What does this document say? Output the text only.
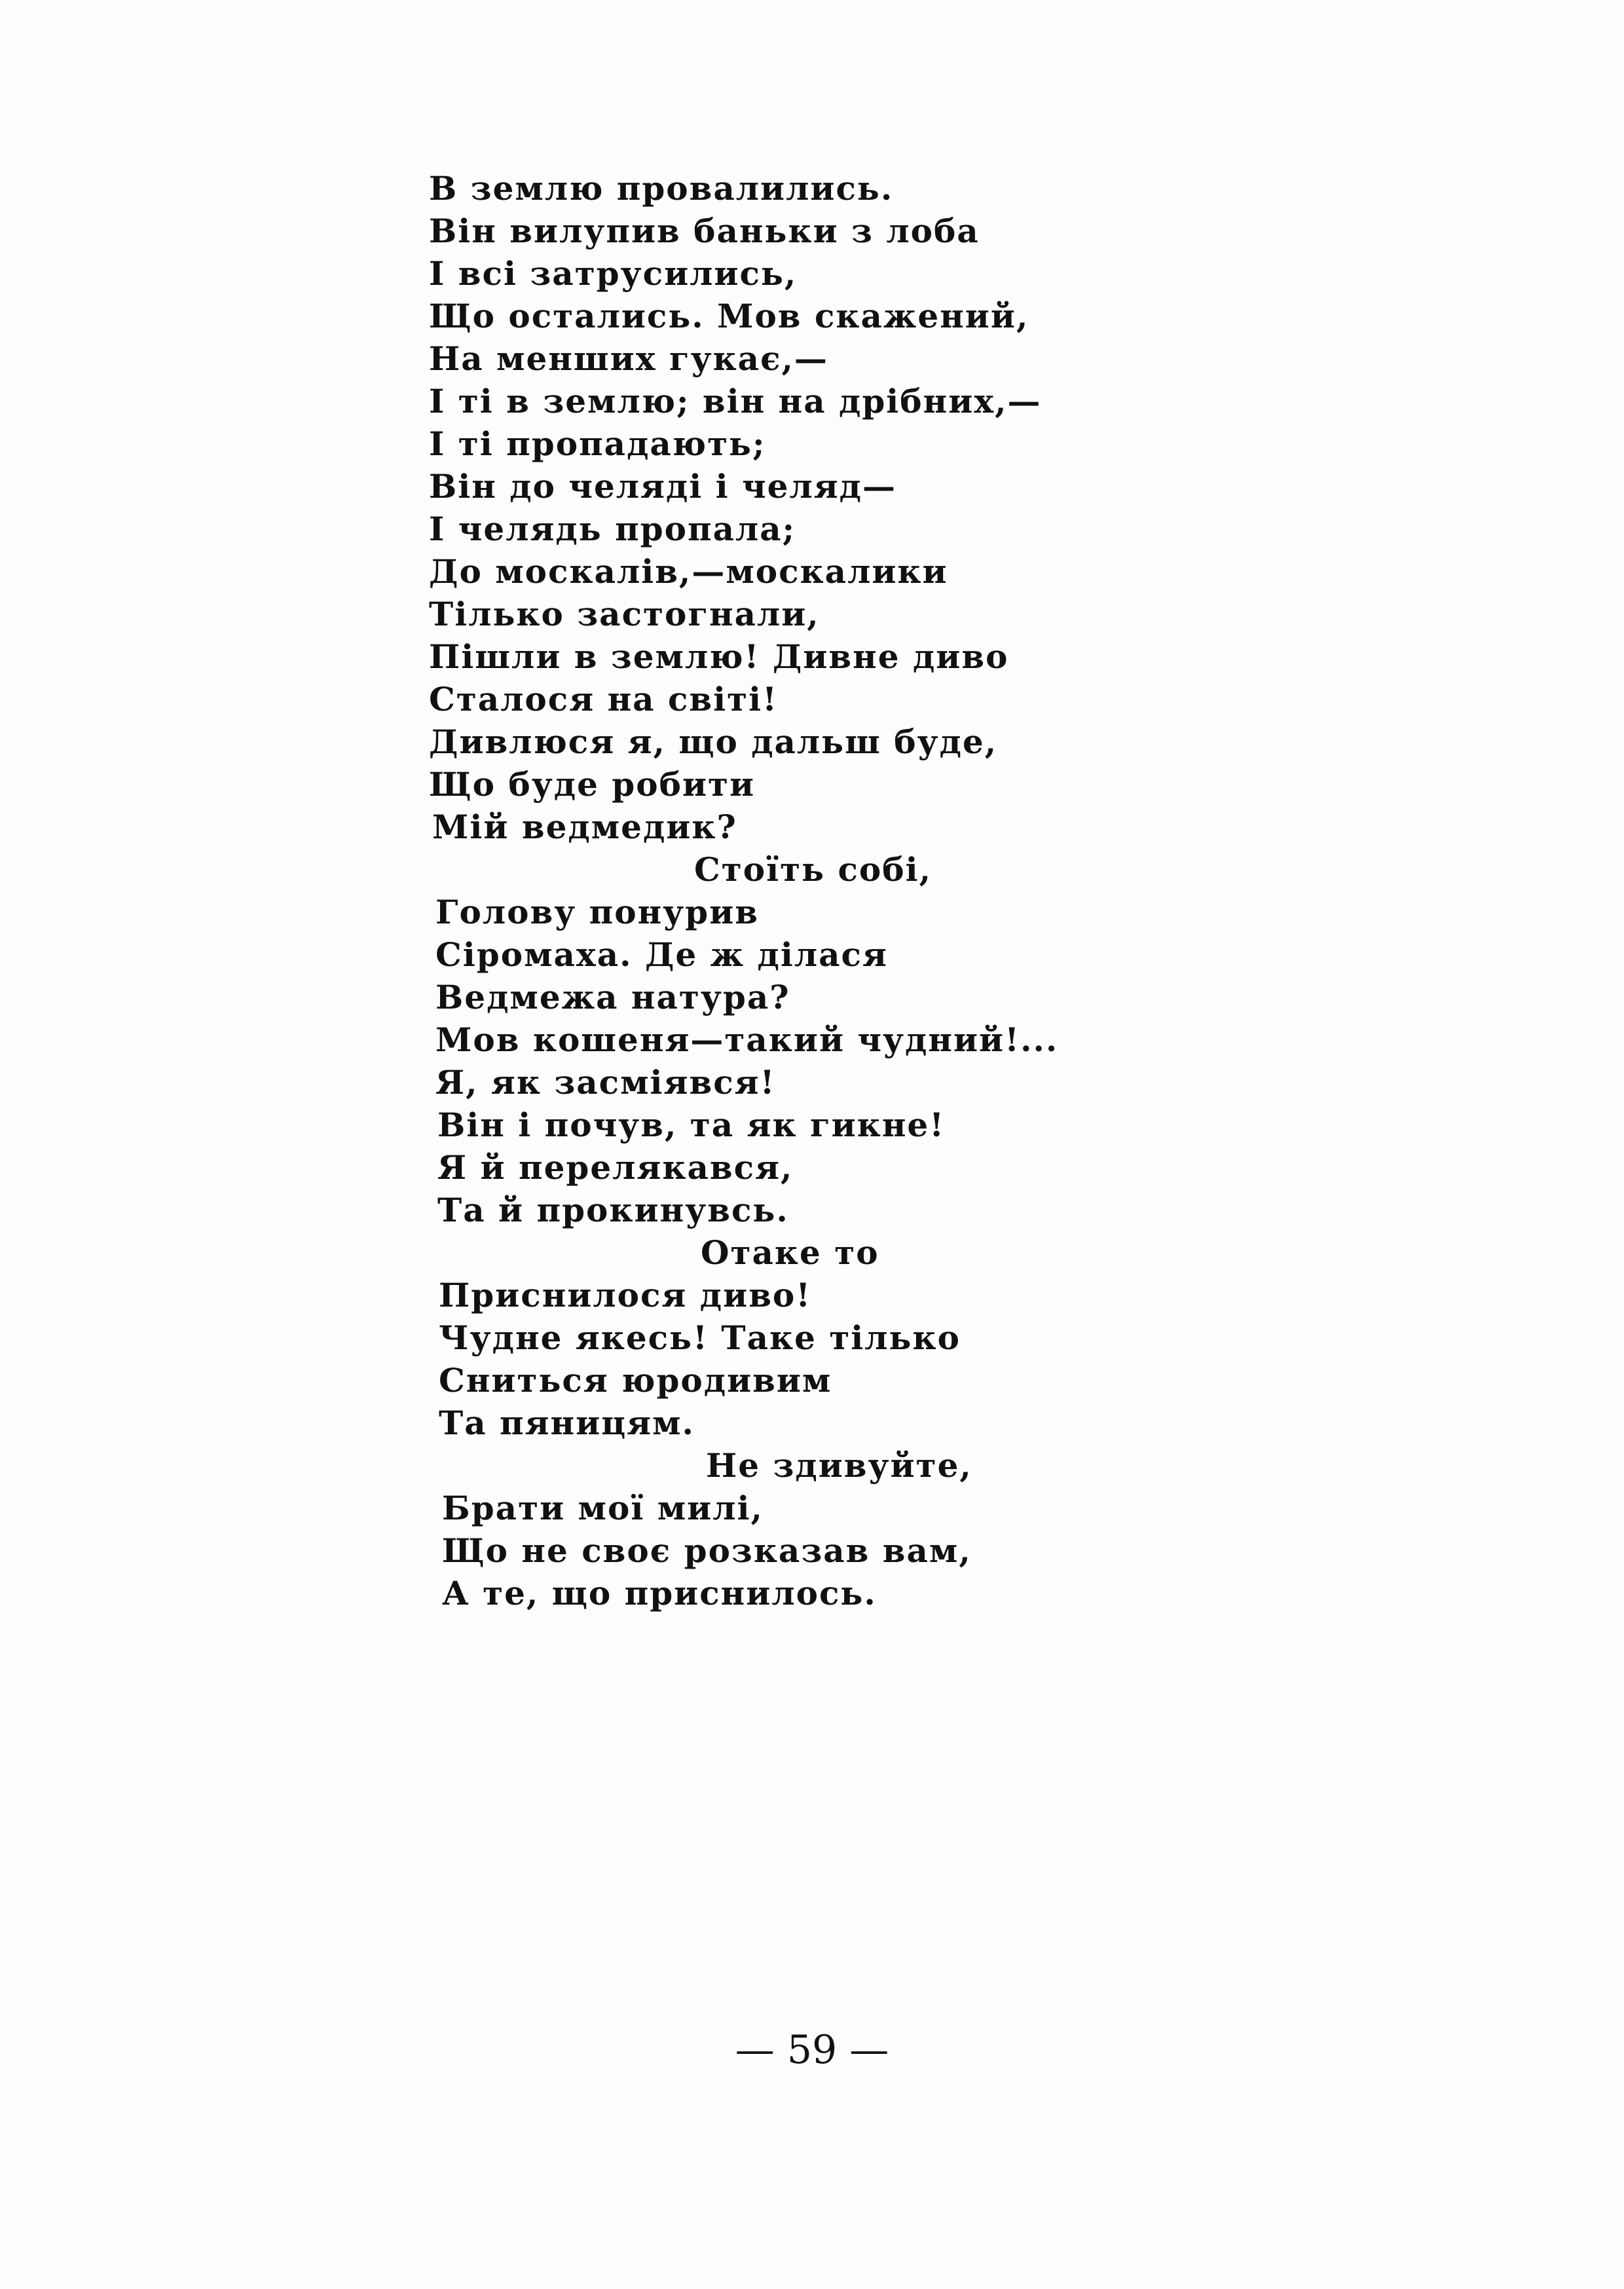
В землю провалились.
Він вилупив баньки з лоба
І всі затрусились,
Що остались. Мов скажений,
На менших гукає,—
І ті в землю; він на дрібних,—
І ті пропадають;
Він до челяді і челяд—
І челядь пропала;
До москалів,—москалики
Тілько застогнали,
Пішли в землю! Дивне диво
Сталося на світі!
Дивлюся я, що дальш буде,
Що буде робити
Мій ведмедик?
Стоїть собі,
Голову понурив
Сіромаха. Де ж ділася
Ведмежа натура?
Мов кошеня—такий чудний!...
Я, як засміявся!
Він і почув, та як гикне!
Я й перелякався,
Та й прокинувсь.
Отаке то
Приснилося диво!
Чудне якесь! Таке тілько
Сниться юродивим
Та пяницям.
Не здивуйте,
Брати мої милі,
Що не своє розказав вам,
А те, що приснилось.
— 59 —
